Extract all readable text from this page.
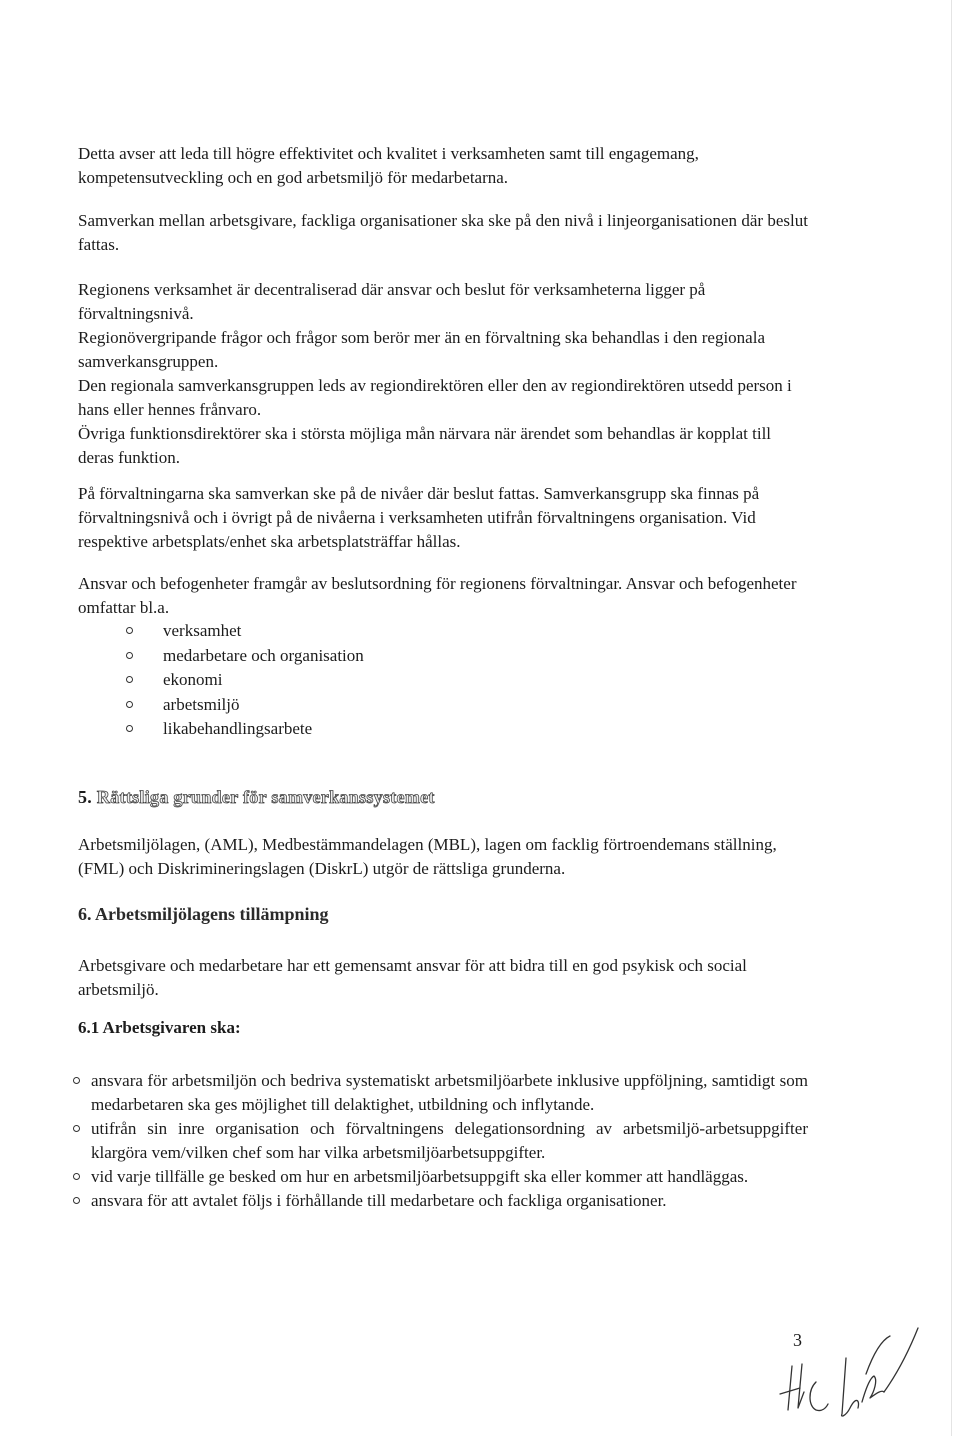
Detta avser att leda till högre effektivitet och kvalitet i verksamheten samt till engagemang, kompetensutveckling och en god arbetsmiljö för medarbetarna.

Samverkan mellan arbetsgivare, fackliga organisationer ska ske på den nivå i linjeorganisationen där beslut fattas.

Regionens verksamhet är decentraliserad där ansvar och beslut för verksamheterna ligger på förvaltningsnivå.

Regionövergripande frågor och frågor som berör mer än en förvaltning ska behandlas i den regionala samverkansgruppen.

Den regionala samverkansgruppen leds av regiondirektören eller den av regiondirektören utsedd person i hans eller hennes frånvaro.

Övriga funktionsdirektörer ska i största möjliga mån närvara när ärendet som behandlas är kopplat till deras funktion.

På förvaltningarna ska samverkan ske på de nivåer där beslut fattas. Samverkansgrupp ska finnas på förvaltningsnivå och i övrigt på de nivåerna i verksamheten utifrån förvaltningens organisation. Vid respektive arbetsplats/enhet ska arbetsplatsträffar hållas.

Ansvar och befogenheter framgår av beslutsordning för regionens förvaltningar. Ansvar och befogenheter omfattar bl.a.

verksamhet
medarbetare och organisation
ekonomi
arbetsmiljö
likabehandlingsarbete
5. Rättsliga grunder för samverkanssystemet

Arbetsmiljölagen, (AML), Medbestämmandelagen (MBL), lagen om facklig förtroendemans ställning, (FML) och Diskrimineringslagen (DiskrL) utgör de rättsliga grunderna.

6. Arbetsmiljölagens tillämpning

Arbetsgivare och medarbetare har ett gemensamt ansvar för att bidra till en god psykisk och social arbetsmiljö.

6.1 Arbetsgivaren ska:
ansvara för arbetsmiljön och bedriva systematiskt arbetsmiljöarbete inklusive uppföljning, samtidigt som medarbetaren ska ges möjlighet till delaktighet, utbildning och inflytande.
utifrån sin inre organisation och förvaltningens delegationsordning av arbetsmiljö-arbetsuppgifter klargöra vem/vilken chef som har vilka arbetsmiljöarbetsuppgifter.
vid varje tillfälle ge besked om hur en arbetsmiljöarbetsuppgift ska eller kommer att handläggas.
ansvara för att avtalet följs i förhållande till medarbetare och fackliga organisationer.
3
